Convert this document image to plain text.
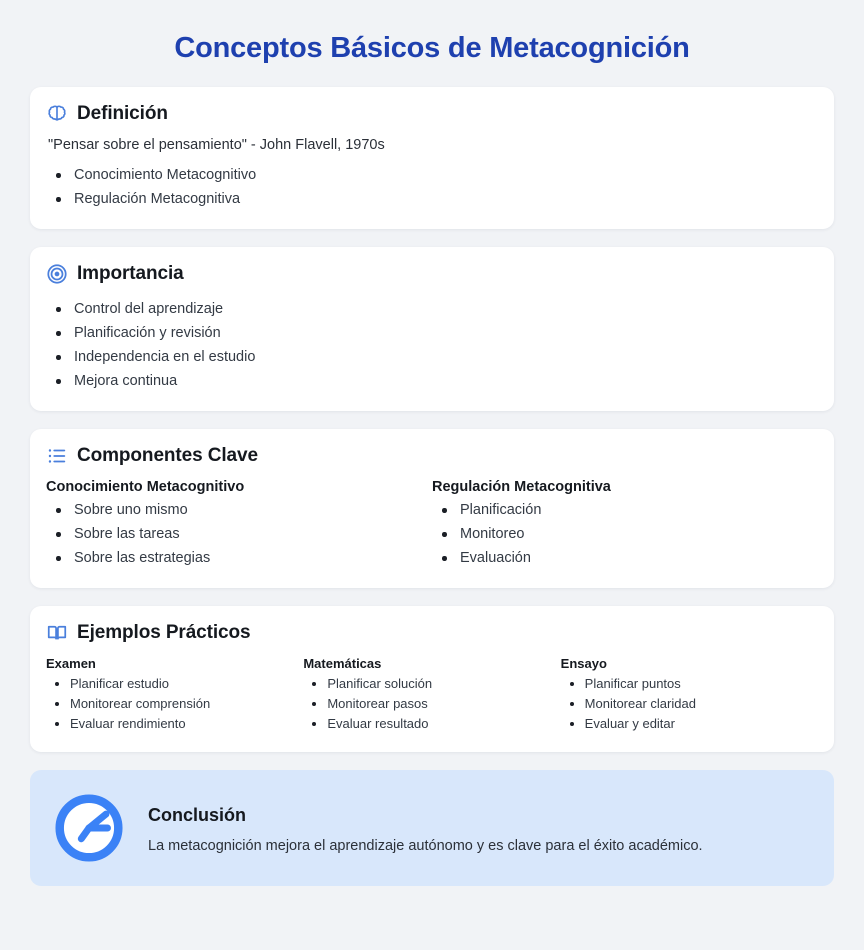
Conceptos Básicos de Metacognición
Definición

"Pensar sobre el pensamiento" - John Flavell, 1970s

Conocimiento Metacognitivo
Regulación Metacognitiva
Importancia
Control del aprendizaje
Planificación y revisión
Independencia en el estudio
Mejora continua
Componentes Clave
Conocimiento Metacognitivo
Sobre uno mismo
Sobre las tareas
Sobre las estrategias
Regulación Metacognitiva
Planificación
Monitoreo
Evaluación
Ejemplos Prácticos
Examen
Planificar estudio
Monitorear comprensión
Evaluar rendimiento
Matemáticas
Planificar solución
Monitorear pasos
Evaluar resultado
Ensayo
Planificar puntos
Monitorear claridad
Evaluar y editar
Conclusión
La metacognición mejora el aprendizaje autónomo y es clave para el éxito académico.
